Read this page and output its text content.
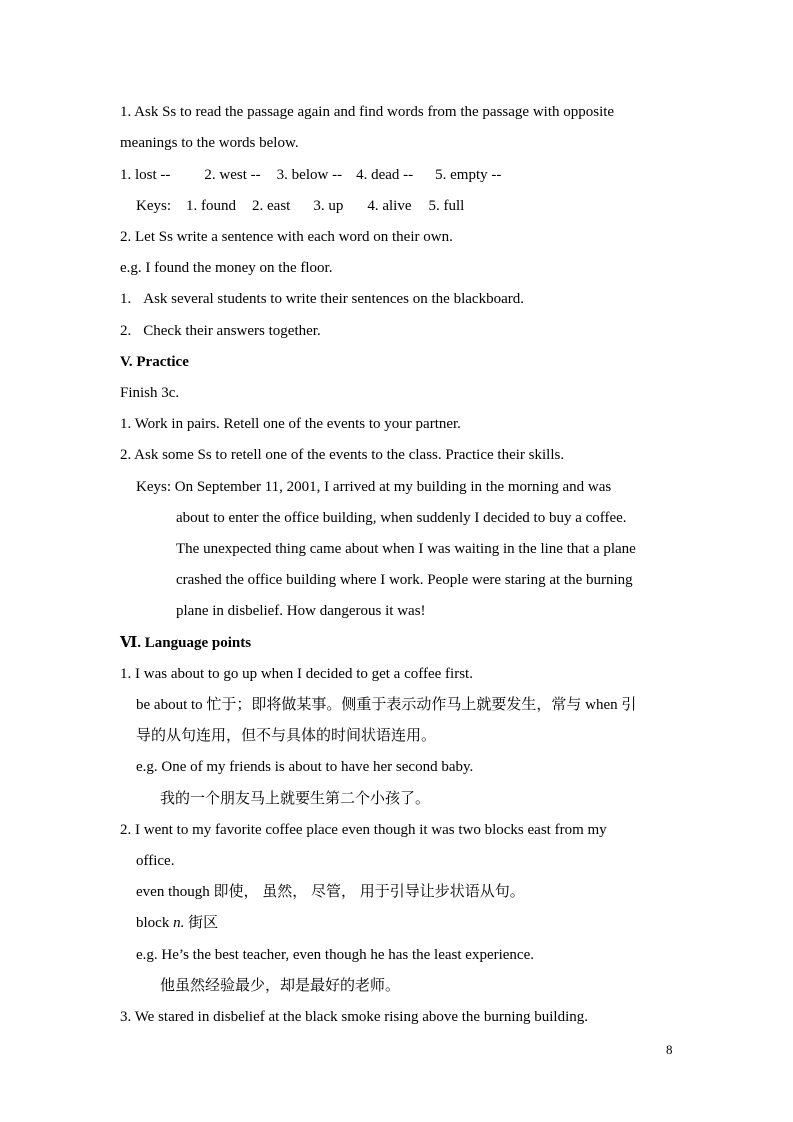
1. Ask Ss to read the passage again and find words from the passage with opposite
meanings to the words below.
1. lost -- 2. west -- 3. below -- 4. dead -- 5. empty --
Keys: 1. found 2. east 3. up 4. alive 5. full
2. Let Ss write a sentence with each word on their own.
e.g. I found the money on the floor.
1. Ask several students to write their sentences on the blackboard.
2. Check their answers together.
V. Practice
Finish 3c.
1. Work in pairs. Retell one of the events to your partner.
2. Ask some Ss to retell one of the events to the class. Practice their skills.
Keys: On September 11, 2001, I arrived at my building in the morning and was
about to enter the office building, when suddenly I decided to buy a coffee.
The unexpected thing came about when I was waiting in the line that a plane
crashed the office building where I work. People were staring at the burning
plane in disbelief. How dangerous it was!
Ⅵ. Language points
1. I was about to go up when I decided to get a coffee first.
be about to 忙于；即将做某事。侧重于表示动作马上就要发生，常与 when 引
导的从句连用，但不与具体的时间状语连用。
e.g. One of my friends is about to have her second baby.
我的一个朋友马上就要生第二个小孩了。
2. I went to my favorite coffee place even though it was two blocks east from my
office.
even though 即使， 虽然， 尽管， 用于引导让步状语从句。
block n. 街区
e.g. He’s the best teacher, even though he has the least experience.
他虽然经验最少，却是最好的老师。
3. We stared in disbelief at the black smoke rising above the burning building.
8
